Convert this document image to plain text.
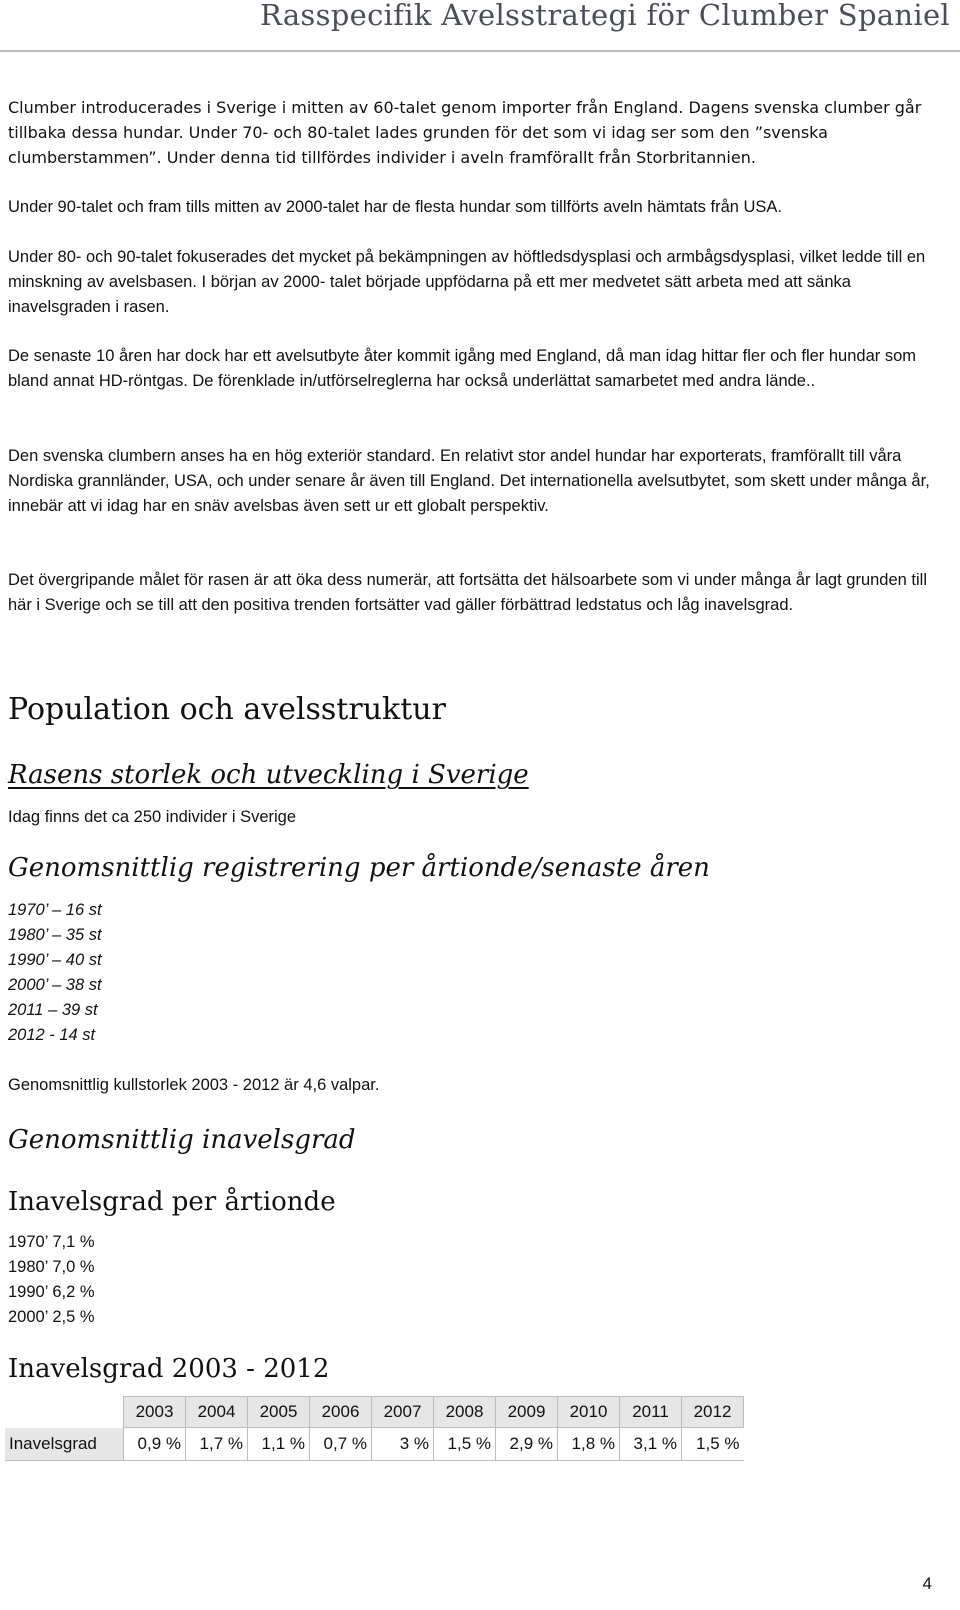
Rasspecifik Avelsstrategi för Clumber Spaniel

Clumber introducerades i Sverige i mitten av 60-talet genom importer från England. Dagens svenska clumber går tillbaka dessa hundar. Under 70- och 80-talet lades grunden för det som vi idag ser som den ”svenska clumberstammen”. Under denna tid tillfördes individer i aveln framförallt från Storbritannien.

Under 90-talet och fram tills mitten av 2000-talet har de flesta hundar som tillförts aveln hämtats från USA.

Under 80- och 90-talet fokuserades det mycket på bekämpningen av höftledsdysplasi och armbågsdysplasi, vilket ledde till en minskning av avelsbasen. I början av 2000- talet började uppfödarna på ett mer medvetet sätt arbeta med att sänka inavelsgraden i rasen.

De senaste 10 åren har dock har ett avelsutbyte åter kommit igång med England, då man idag hittar fler och fler hundar som bland annat HD-röntgas. De förenklade in/utförselreglerna har också underlättat samarbetet med andra lände..

Den svenska clumbern anses ha en hög exteriör standard. En relativt stor andel hundar har exporterats, framförallt till våra Nordiska grannländer, USA, och under senare år även till England. Det internationella avelsutbytet, som skett under många år, innebär att vi idag har en snäv avelsbas även sett ur ett globalt perspektiv.

Det övergripande målet för rasen är att öka dess numerär, att fortsätta det hälsoarbete som vi under många år lagt grunden till här i Sverige och se till att den positiva trenden fortsätter vad gäller förbättrad ledstatus och låg inavelsgrad.

Population och avelsstruktur
Rasens storlek och utveckling i Sverige
Idag finns det ca 250 individer i Sverige
Genomsnittlig registrering per årtionde/senaste åren
1970’ – 16 st
1980’ – 35 st
1990’ – 40 st
2000’ – 38 st
2011 – 39 st
2012 - 14 st
Genomsnittlig kullstorlek 2003 - 2012 är 4,6 valpar.
Genomsnittlig inavelsgrad
Inavelsgrad per årtionde
1970’ 7,1 %
1980’ 7,0 %
1990’ 6,2 %
2000’ 2,5 %
Inavelsgrad 2003 - 2012
	2003	2004	2005	2006	2007	2008	2009	2010	2011	2012
Inavelsgrad	0,9 %	1,7 %	1,1 %	0,7 %	3 %	1,5 %	2,9 %	1,8 %	3,1 %	1,5 %
4
